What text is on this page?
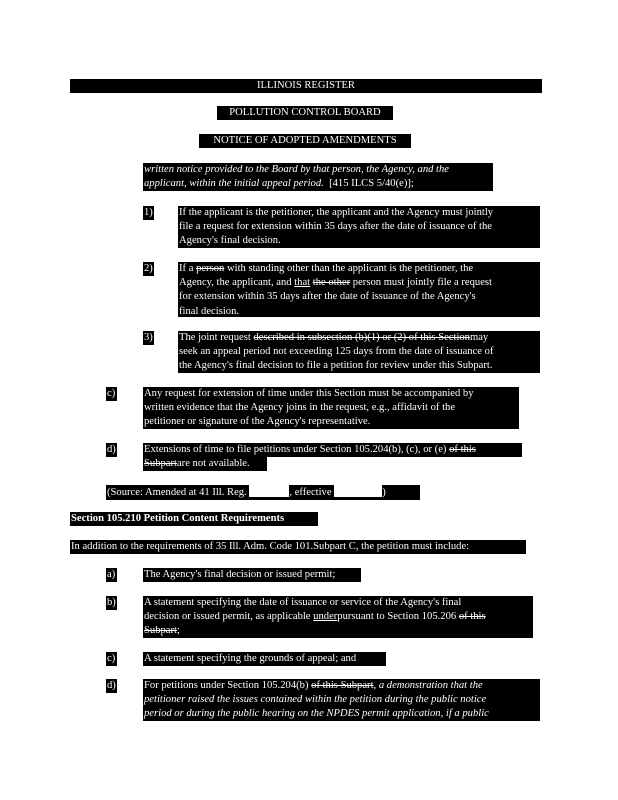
ILLINOIS REGISTER
POLLUTION CONTROL BOARD
NOTICE OF ADOPTED AMENDMENTS
written notice provided to the Board by that person, the Agency, and the
applicant, within the initial appeal period. [415 ILCS 5/40(e)];
1) If the applicant is the petitioner, the applicant and the Agency must jointly
file a request for extension within 35 days after the date of issuance of the
Agency's final decision.
2) If a person with standing other than the applicant is the petitioner, the
Agency, the applicant, and that the other person must jointly file a request
for extension within 35 days after the date of issuance of the Agency's
final decision.
3) The joint request described in subsection (b)(1) or (2) of this Sectionmay
seek an appeal period not exceeding 125 days from the date of issuance of
the Agency's final decision to file a petition for review under this Subpart.
c)	Any request for extension of time under this Section must be accompanied by
written evidence that the Agency joins in the request, e.g., affidavit of the
petitioner or signature of the Agency's representative.
d)	Extensions of time to file petitions under Section 105.204(b), (c), or (e) of this
Subpartare not available.
(Source: Amended at 41 Ill. Reg.	, effective	)
Section 105.210 Petition Content Requirements
In addition to the requirements of 35 Ill. Adm. Code 101.Subpart C, the petition must include:
a)	The Agency's final decision or issued permit;
b)	A statement specifying the date of issuance or service of the Agency's final
decision or issued permit, as applicable underpursuant to Section 105.206 of this
Subpart;
c)	A statement specifying the grounds of appeal; and
d)	For petitions under Section 105.204(b) of this Subpart, a demonstration that the
petitioner raised the issues contained within the petition during the public notice
period or during the public hearing on the NPDES permit application, if a public
